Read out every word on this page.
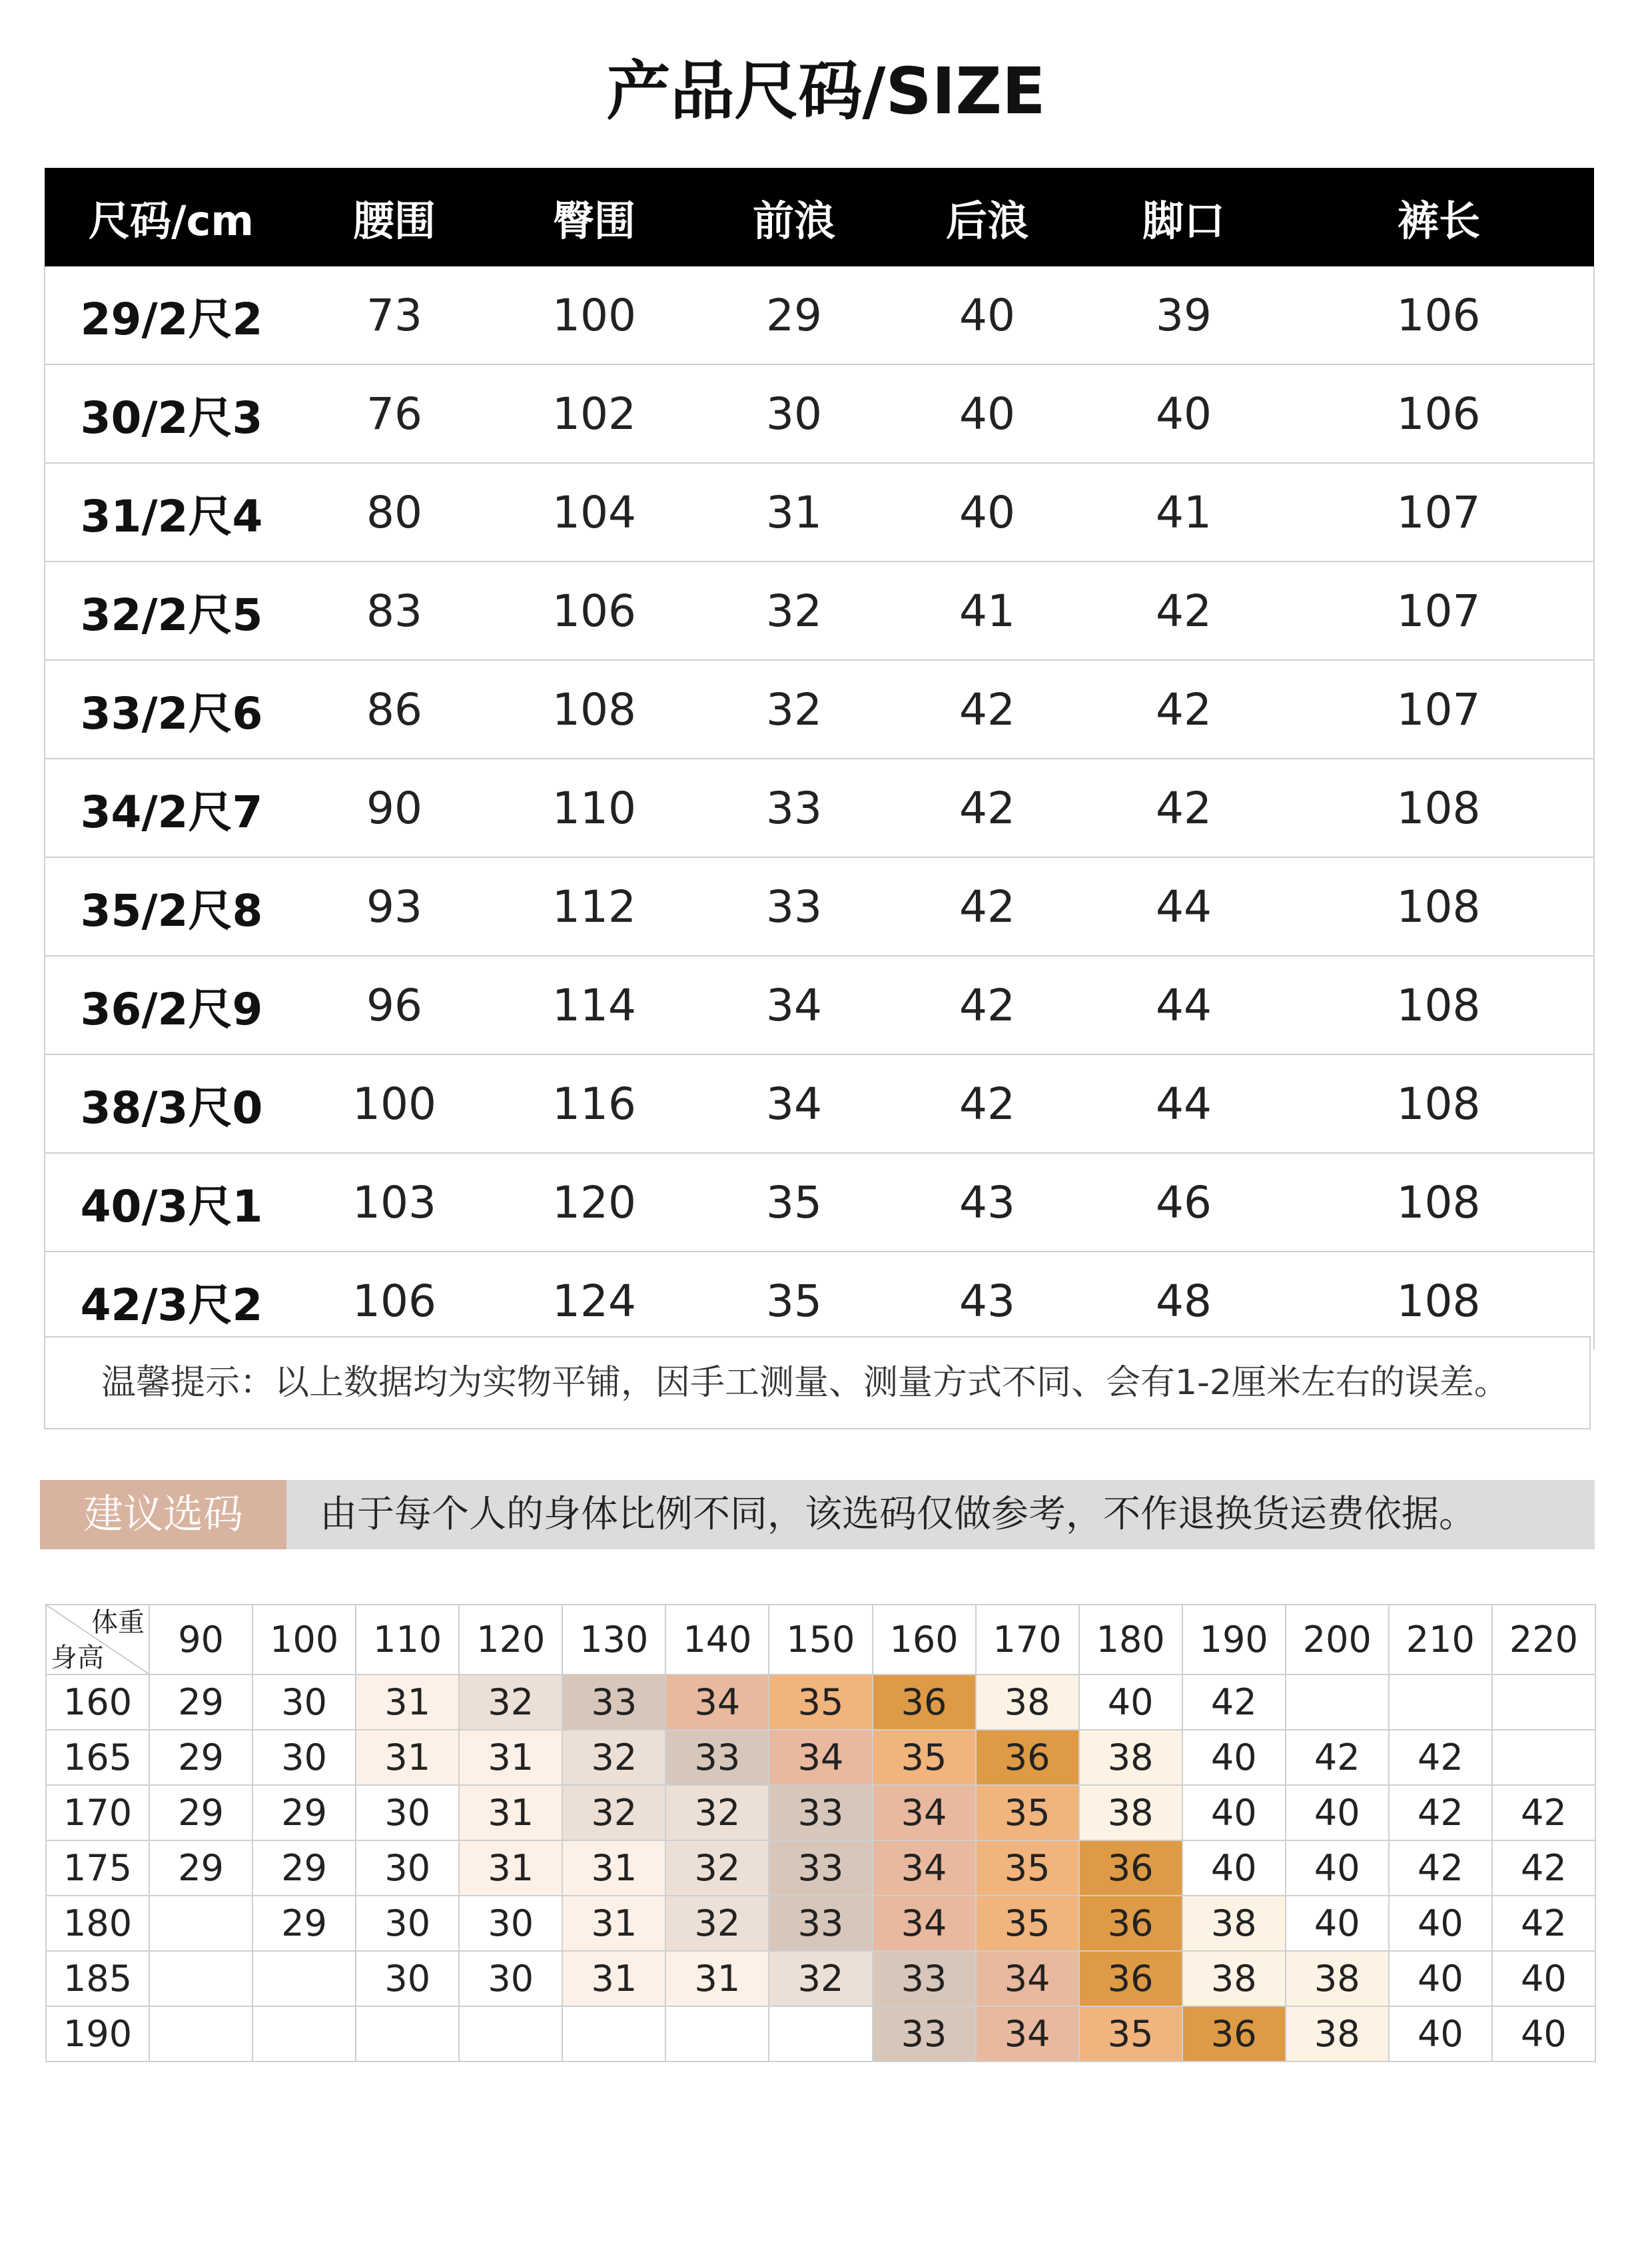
产品尺码/SIZE
尺码/cm	腰围	臀围	前浪	后浪	脚口	裤长
29/2尺2	73	100	29	40	39	106
30/2尺3	76	102	30	40	40	106
31/2尺4	80	104	31	40	41	107
32/2尺5	83	106	32	41	42	107
33/2尺6	86	108	32	42	42	107
34/2尺7	90	110	33	42	42	108
35/2尺8	93	112	33	42	44	108
36/2尺9	96	114	34	42	44	108
38/3尺0	100	116	34	42	44	108
40/3尺1	103	120	35	43	46	108
42/3尺2	106	124	35	43	48	108
温馨提示：以上数据均为实物平铺，因手工测量、测量方式不同、会有1-2厘米左右的误差。
建议选码	由于每个人的身体比例不同，该选码仅做参考，不作退换货运费依据。
体重
身高	90	100	110	120	130	140	150	160	170	180	190	200	210	220
160	29	30	31	32	33	34	35	36	38	40	42			
165	29	30	31	31	32	33	34	35	36	38	40	42	42	
170	29	29	30	31	32	32	33	34	35	38	40	40	42	42
175	29	29	30	31	31	32	33	34	35	36	40	40	42	42
180		29	30	30	31	32	33	34	35	36	38	40	40	42
185			30	30	31	31	32	33	34	36	38	38	40	40
190								33	34	35	36	38	40	40
